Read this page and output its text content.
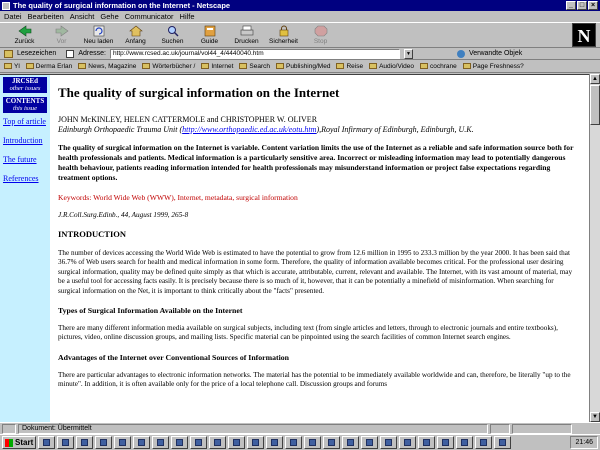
The quality of surgical information on the Internet - Netscape	_ □ ×
Datei Bearbeiten Ansicht Gehe Communicator Hilfe
Zurück	Vor	Neu laden Anfang Suchen	Guide Drucken Sicherheit Stop	N
Lesezeichen	Adresse:	http://www.rcsed.ac.uk/journal/vol44_4/4440040.htm	▼	Verwandte Objek
Yl	Derma Erlan	News, Magazine	Wörterbücher /	Internet	Search	Publishing/Med	Reise	Audio/Video	cochrane	Page Freshness?
JRCSEd
other issues
CONTENTS
this issue
Top of article
Introduction
The future
References
The quality of surgical information on the Internet
JOHN McKINLEY, HELEN CATTERMOLE and CHRISTOPHER W. OLIVER
Edinburgh Orthopaedic Trauma Unit (http://www.orthopaedic.ed.ac.uk/eotu.htm),Royal Infirmary of Edinburgh, Edinburgh, U.K.

The quality of surgical information on the Internet is variable. Content variation limits the use of the Internet as a reliable and safe information source both for health professionals and patients. Medical information is a particularly sensitive area. Incorrect or misleading information may lead to potentially dangerous health behaviour, patients reading information intended for health professionals may misunderstand information or project false expectations regarding treatment options.

Keywords: World Wide Web (WWW), Internet, metadata, surgical information

J.R.Coll.Surg.Edinb., 44, August 1999, 265-8

INTRODUCTION

The number of devices accessing the World Wide Web is estimated to have the potential to grow from 12.6 million in 1995 to 233.3 million by the year 2000. It has been said that 36.7% of Web users search for health and medical information in some form. Therefore, the quality of information available becomes critical. For the professional user desiring surgical information, quality may be defined quite simply as that which is accurate, attributable, current, relevant and available. The Internet, with its vast amount of material, may be a useful tool for accessing facts easily. It is precisely because there is so much of it, however, that it can be potentially a minefield of misinformation. When searching for surgical information on the Net, it is important to think critically about the "facts" presented.

Types of Surgical Information Available on the Internet

There are many different information media available on surgical subjects, including text (from single articles and letters, through to electronic journals and entire textbooks), pictures, video, online discussion groups, and mailing lists. Specific material can be pinpointed using the search facilities of common Internet search engines.

Advantages of the Internet over Conventional Sources of Information

There are particular advantages to electronic information networks. The material has the potential to be immediately available worldwide and can, therefore, be literally "up to the minute". In addition, it is often available only for the price of a local telephone call. Discussion groups and forums

▲
▼
Dokument: Übermittelt
Start	21:46
